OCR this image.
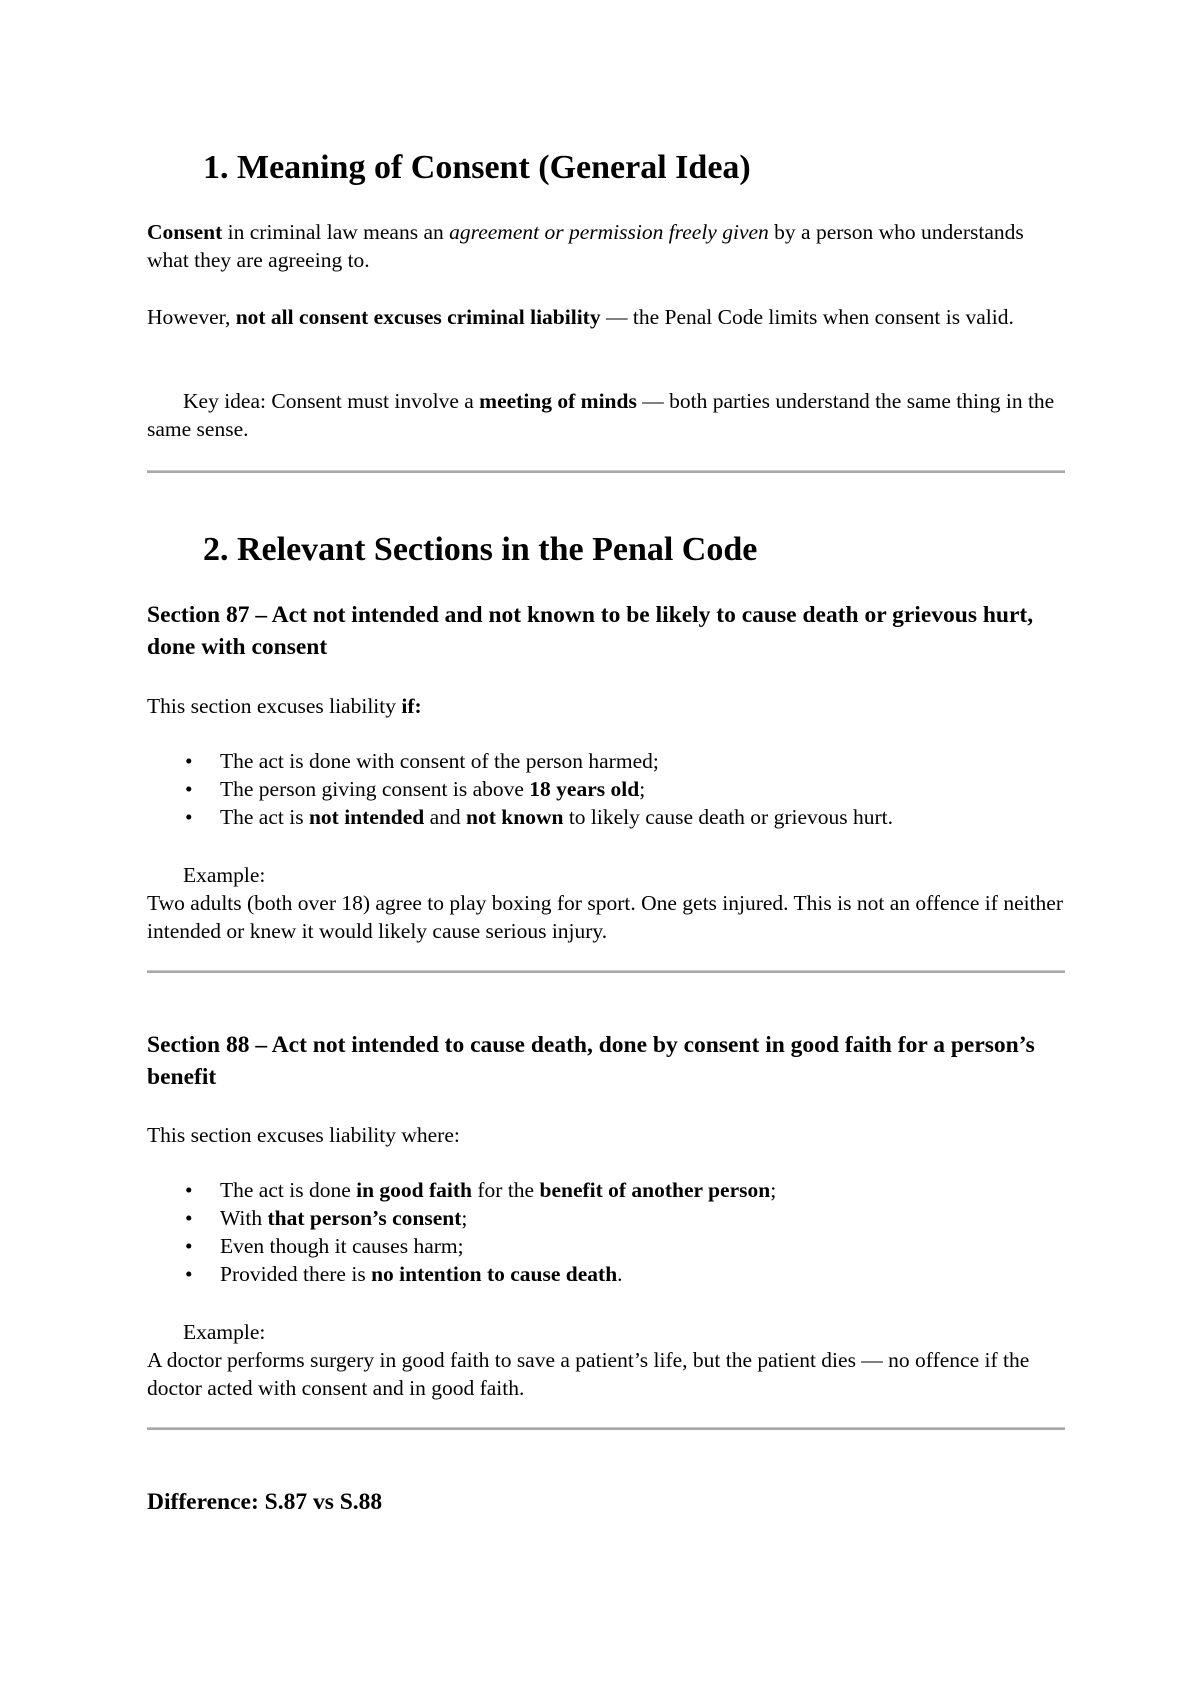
1. Meaning of Consent (General Idea)
Consent in criminal law means an agreement or permission freely given by a person who understands what they are agreeing to.
However, not all consent excuses criminal liability — the Penal Code limits when consent is valid.
Key idea: Consent must involve a meeting of minds — both parties understand the same thing in the same sense.
2. Relevant Sections in the Penal Code
Section 87 – Act not intended and not known to be likely to cause death or grievous hurt, done with consent
This section excuses liability if:
• The act is done with consent of the person harmed;
• The person giving consent is above 18 years old;
• The act is not intended and not known to likely cause death or grievous hurt.
Example:
Two adults (both over 18) agree to play boxing for sport. One gets injured. This is not an offence if neither intended or knew it would likely cause serious injury.
Section 88 – Act not intended to cause death, done by consent in good faith for a person’s benefit
This section excuses liability where:
• The act is done in good faith for the benefit of another person;
• With that person’s consent;
• Even though it causes harm;
• Provided there is no intention to cause death.
Example:
A doctor performs surgery in good faith to save a patient’s life, but the patient dies — no offence if the doctor acted with consent and in good faith.
Difference: S.87 vs S.88
